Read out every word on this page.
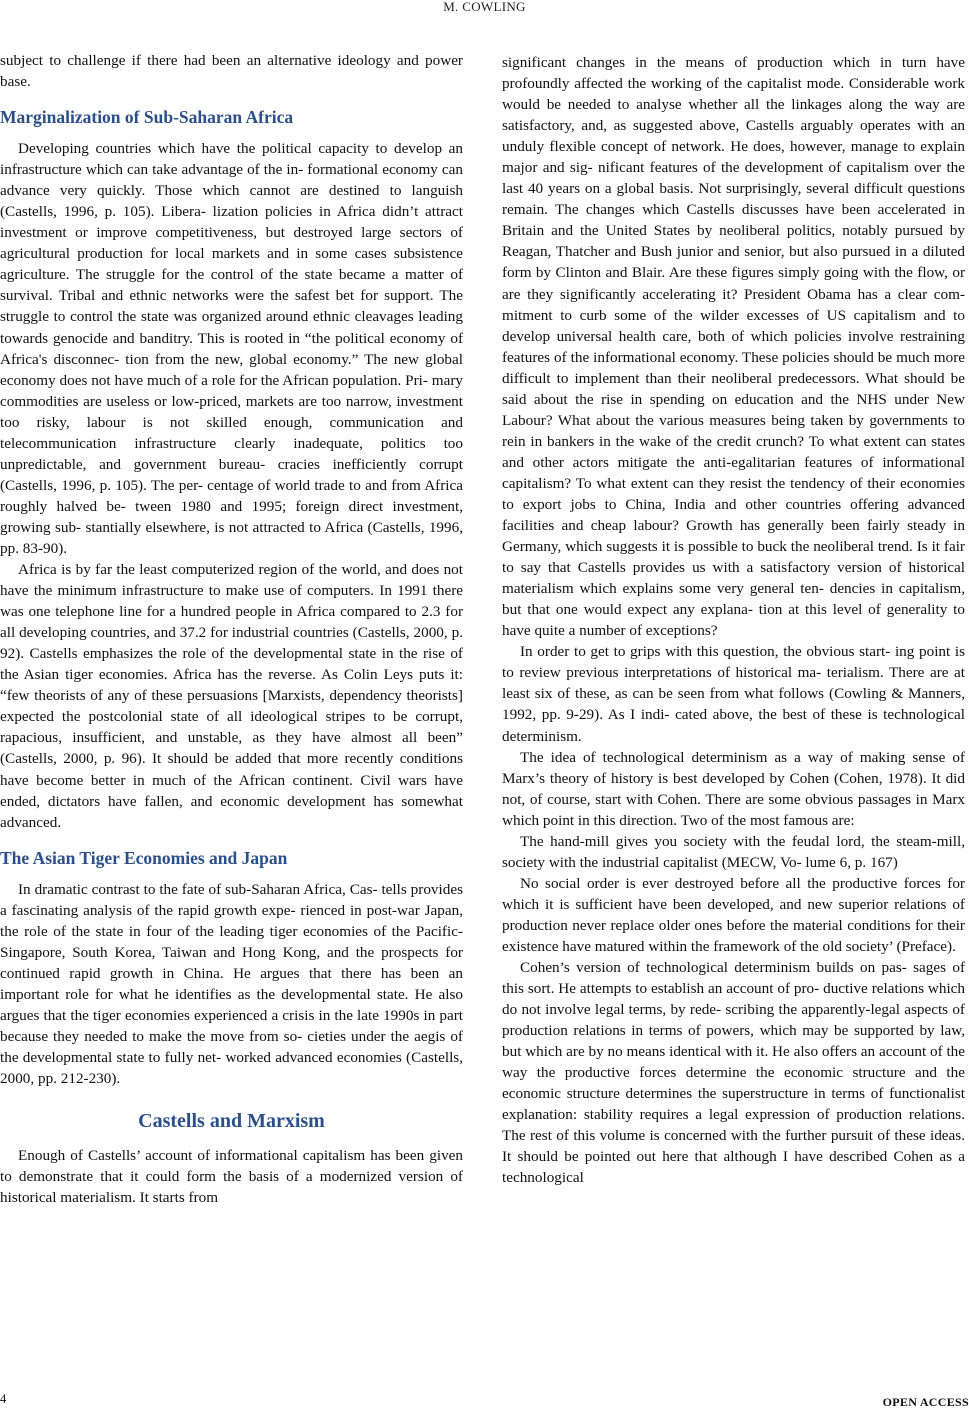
M. COWLING

subject to challenge if there had been an alternative ideology and power base.

Marginalization of Sub-Saharan Africa

Developing countries which have the political capacity to develop an infrastructure which can take advantage of the in- formational economy can advance very quickly. Those which cannot are destined to languish (Castells, 1996, p. 105). Libera- lization policies in Africa didn’t attract investment or improve competitiveness, but destroyed large sectors of agricultural production for local markets and in some cases subsistence agriculture. The struggle for the control of the state became a matter of survival. Tribal and ethnic networks were the safest bet for support. The struggle to control the state was organized around ethnic cleavages leading towards genocide and banditry. This is rooted in “the political economy of Africa's disconnec- tion from the new, global economy.” The new global economy does not have much of a role for the African population. Pri- mary commodities are useless or low-priced, markets are too narrow, investment too risky, labour is not skilled enough, communication and telecommunication infrastructure clearly inadequate, politics too unpredictable, and government bureau- cracies inefficiently corrupt (Castells, 1996, p. 105). The per- centage of world trade to and from Africa roughly halved be- tween 1980 and 1995; foreign direct investment, growing sub- stantially elsewhere, is not attracted to Africa (Castells, 1996, pp. 83-90).

Africa is by far the least computerized region of the world, and does not have the minimum infrastructure to make use of computers. In 1991 there was one telephone line for a hundred people in Africa compared to 2.3 for all developing countries, and 37.2 for industrial countries (Castells, 2000, p. 92). Castells emphasizes the role of the developmental state in the rise of the Asian tiger economies. Africa has the reverse. As Colin Leys puts it: “few theorists of any of these persuasions [Marxists, dependency theorists] expected the postcolonial state of all ideological stripes to be corrupt, rapacious, insufficient, and unstable, as they have almost all been” (Castells, 2000, p. 96). It should be added that more recently conditions have become better in much of the African continent. Civil wars have ended, dictators have fallen, and economic development has somewhat advanced.

The Asian Tiger Economies and Japan

In dramatic contrast to the fate of sub-Saharan Africa, Cas- tells provides a fascinating analysis of the rapid growth expe- rienced in post-war Japan, the role of the state in four of the leading tiger economies of the Pacific-Singapore, South Korea, Taiwan and Hong Kong, and the prospects for continued rapid growth in China. He argues that there has been an important role for what he identifies as the developmental state. He also argues that the tiger economies experienced a crisis in the late 1990s in part because they needed to make the move from so- cieties under the aegis of the developmental state to fully net- worked advanced economies (Castells, 2000, pp. 212-230).

Castells and Marxism

Enough of Castells’ account of informational capitalism has been given to demonstrate that it could form the basis of a modernized version of historical materialism. It starts from

significant changes in the means of production which in turn have profoundly affected the working of the capitalist mode. Considerable work would be needed to analyse whether all the linkages along the way are satisfactory, and, as suggested above, Castells arguably operates with an unduly flexible concept of network. He does, however, manage to explain major and sig- nificant features of the development of capitalism over the last 40 years on a global basis. Not surprisingly, several difficult questions remain. The changes which Castells discusses have been accelerated in Britain and the United States by neoliberal politics, notably pursued by Reagan, Thatcher and Bush junior and senior, but also pursued in a diluted form by Clinton and Blair. Are these figures simply going with the flow, or are they significantly accelerating it? President Obama has a clear com- mitment to curb some of the wilder excesses of US capitalism and to develop universal health care, both of which policies involve restraining features of the informational economy. These policies should be much more difficult to implement than their neoliberal predecessors. What should be said about the rise in spending on education and the NHS under New Labour? What about the various measures being taken by governments to rein in bankers in the wake of the credit crunch? To what extent can states and other actors mitigate the anti-egalitarian features of informational capitalism? To what extent can they resist the tendency of their economies to export jobs to China, India and other countries offering advanced facilities and cheap labour? Growth has generally been fairly steady in Germany, which suggests it is possible to buck the neoliberal trend. Is it fair to say that Castells provides us with a satisfactory version of historical materialism which explains some very general ten- dencies in capitalism, but that one would expect any explana- tion at this level of generality to have quite a number of exceptions?

In order to get to grips with this question, the obvious start- ing point is to review previous interpretations of historical ma- terialism. There are at least six of these, as can be seen from what follows (Cowling & Manners, 1992, pp. 9-29). As I indi- cated above, the best of these is technological determinism.

The idea of technological determinism as a way of making sense of Marx’s theory of history is best developed by Cohen (Cohen, 1978). It did not, of course, start with Cohen. There are some obvious passages in Marx which point in this direction. Two of the most famous are:

The hand-mill gives you society with the feudal lord, the steam-mill, society with the industrial capitalist (MECW, Vo- lume 6, p. 167)

No social order is ever destroyed before all the productive forces for which it is sufficient have been developed, and new superior relations of production never replace older ones before the material conditions for their existence have matured within the framework of the old society’ (Preface).

Cohen’s version of technological determinism builds on pas- sages of this sort. He attempts to establish an account of pro- ductive relations which do not involve legal terms, by rede- scribing the apparently-legal aspects of production relations in terms of powers, which may be supported by law, but which are by no means identical with it. He also offers an account of the way the productive forces determine the economic structure and the economic structure determines the superstructure in terms of functionalist explanation: stability requires a legal expression of production relations. The rest of this volume is concerned with the further pursuit of these ideas. It should be pointed out here that although I have described Cohen as a technological

4	OPEN ACCESS
